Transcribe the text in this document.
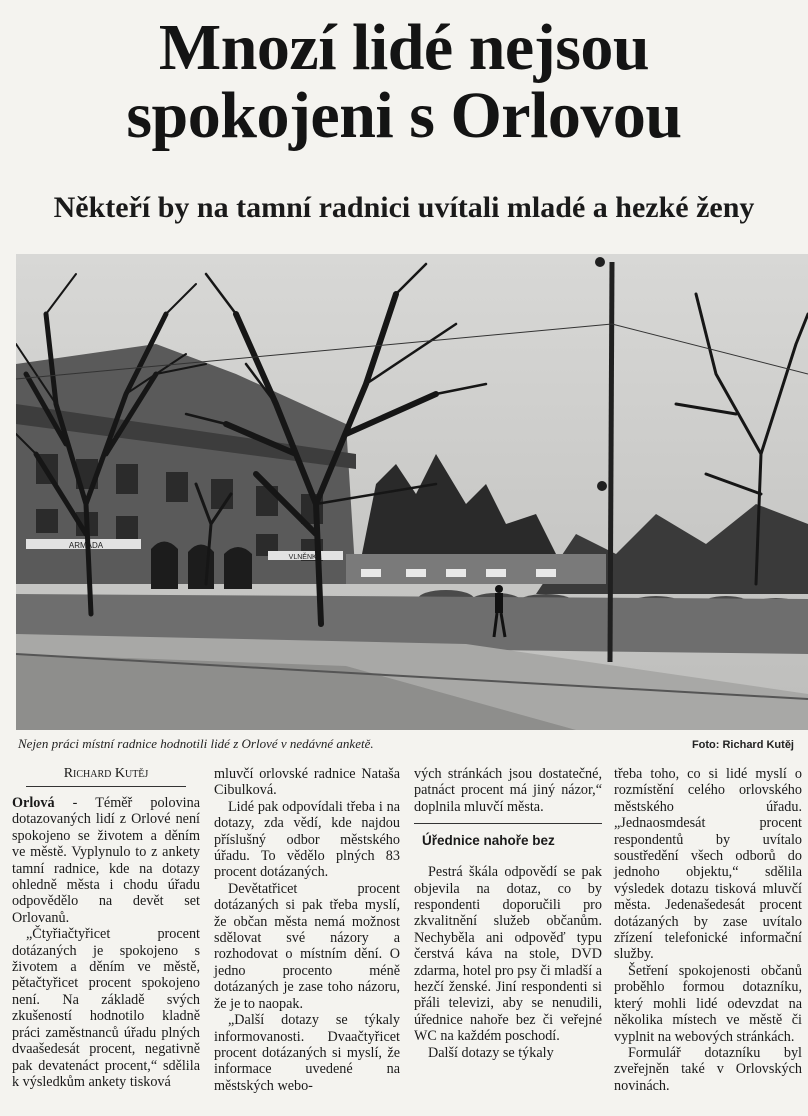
Mnozí lidé nejsou
spokojeni s Orlovou
Někteří by na tamní radnici uvítali mladé a hezké ženy
ARMADA
VLNĚNKA
Nejen práci místní radnice hodnotili lidé z Orlové v nedávné anketě.	Foto: Richard Kutěj
Richard Kutěj

Orlová - Téměř polovina dotazovaných lidí z Orlové není spokojeno se životem a děním ve městě. Vyplynulo to z ankety tamní radnice, kde na dotazy ohledně města i chodu úřadu odpovědělo na devět set Orlovanů.

„Čtyřiačtyřicet procent dotázaných je spokojeno s životem a děním ve městě, pětačtyřicet procent spokojeno není. Na základě svých zkušeností hodnotilo kladně práci zaměstnanců úřadu plných dvaašedesát procent, negativně pak devatenáct procent,“ sdělila k výsledkům ankety tisková

mluvčí orlovské radnice Nataša Cibulková.

Lidé pak odpovídali třeba i na dotazy, zda vědí, kde najdou příslušný odbor městského úřadu. To vědělo plných 83 procent dotázaných.

Devětatřicet procent dotázaných si pak třeba myslí, že občan města nemá možnost sdělovat své názory a rozhodovat o místním dění. O jedno procento méně dotázaných je zase toho názoru, že je to naopak.

„Další dotazy se týkaly informovanosti. Dvaačtyřicet procent dotázaných si myslí, že informace uvedené na městských webo-

vých stránkách jsou dostatečné, patnáct procent má jiný názor,“ doplnila mluvčí města.

Úřednice nahoře bez

Pestrá škála odpovědí se pak objevila na dotaz, co by respondenti doporučili pro zkvalitnění služeb občanům. Nechyběla ani odpověď typu čerstvá káva na stole, DVD zdarma, hotel pro psy či mladší a hezčí ženské. Jiní respondenti si přáli televizi, aby se nenudili, úřednice nahoře bez či veřejné WC na každém poschodí.

Další dotazy se týkaly

třeba toho, co si lidé myslí o rozmístění celého orlovského městského úřadu. „Jednaosmdesát procent respondentů by uvítalo soustředění všech odborů do jednoho objektu,“ sdělila výsledek dotazu tisková mluvčí města. Jedenašedesát procent dotázaných by zase uvítalo zřízení telefonické informační služby.

Šetření spokojenosti občanů proběhlo formou dotazníku, který mohli lidé odevzdat na několika místech ve městě či vyplnit na webových stránkách.

Formulář dotazníku byl zveřejněn také v Orlovských novinách.
